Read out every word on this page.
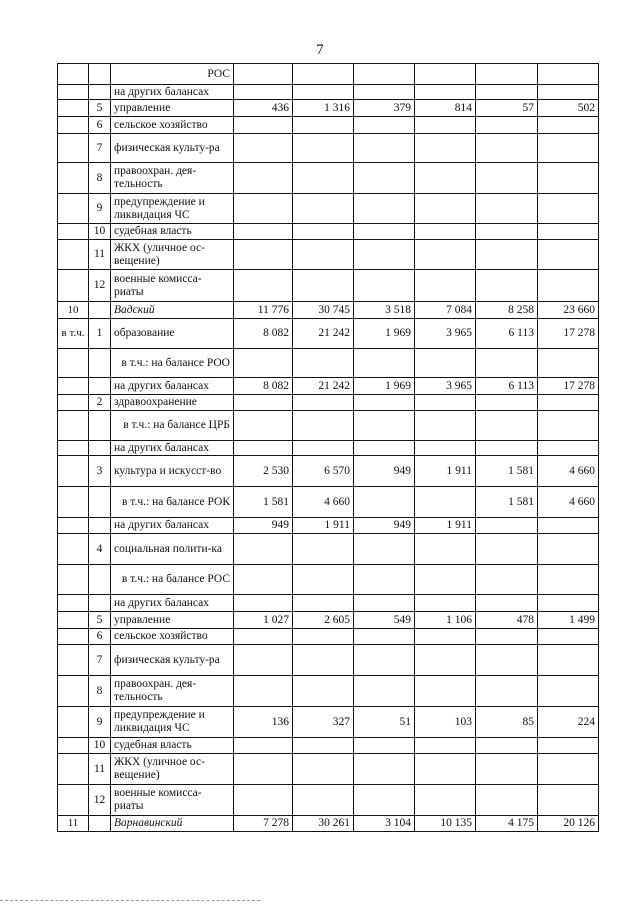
7
		РОС						
		на других балансах						
	5	управление	436	1 316	379	814	57	502
	6	сельское хозяйство						
	7	физическая культу-ра						
	8	правоохран. дея-тельность						
	9	предупреждение и ликвидация ЧС						
	10	судебная власть						
	11	ЖКХ (уличное ос-вещение)						
	12	военные комисса-риаты						
10		Вадский	11 776	30 745	3 518	7 084	8 258	23 660
в т.ч.	1	образование	8 082	21 242	1 969	3 965	6 113	17 278
		в т.ч.: на балансе РОО						
		на других балансах	8 082	21 242	1 969	3 965	6 113	17 278
	2	здравоохранение						
		в т.ч.: на балансе ЦРБ						
		на других балансах						
	3	культура и искусст-во	2 530	6 570	949	1 911	1 581	4 660
		в т.ч.: на балансе РОК	1 581	4 660			1 581	4 660
		на других балансах	949	1 911	949	1 911		
	4	социальная полити-ка						
		в т.ч.: на балансе РОС						
		на других балансах						
	5	управление	1 027	2 605	549	1 106	478	1 499
	6	сельское хозяйство						
	7	физическая культу-ра						
	8	правоохран. дея-тельность						
	9	предупреждение и ликвидация ЧС	136	327	51	103	85	224
	10	судебная власть						
	11	ЖКХ (уличное ос-вещение)						
	12	военные комисса-риаты						
11		Варнавинский	7 278	30 261	3 104	10 135	4 175	20 126
